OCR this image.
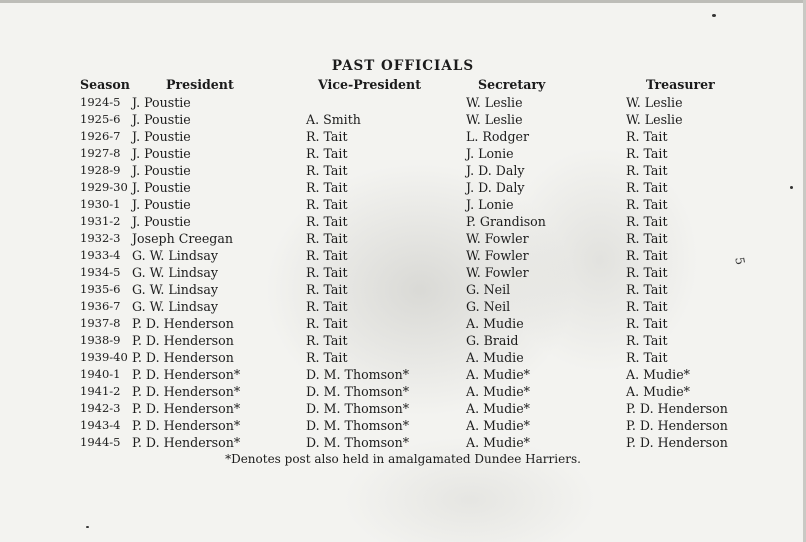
PAST OFFICIALS
Season	President	Vice-President	Secretary	Treasurer
1924-5	J. Poustie		W. Leslie	W. Leslie
1925-6	J. Poustie	A. Smith	W. Leslie	W. Leslie
1926-7	J. Poustie	R. Tait	L. Rodger	R. Tait
1927-8	J. Poustie	R. Tait	J. Lonie	R. Tait
1928-9	J. Poustie	R. Tait	J. D. Daly	R. Tait
1929-30	J. Poustie	R. Tait	J. D. Daly	R. Tait
1930-1	J. Poustie	R. Tait	J. Lonie	R. Tait
1931-2	J. Poustie	R. Tait	P. Grandison	R. Tait
1932-3	Joseph Creegan	R. Tait	W. Fowler	R. Tait
1933-4	G. W. Lindsay	R. Tait	W. Fowler	R. Tait
1934-5	G. W. Lindsay	R. Tait	W. Fowler	R. Tait
1935-6	G. W. Lindsay	R. Tait	G. Neil	R. Tait
1936-7	G. W. Lindsay	R. Tait	G. Neil	R. Tait
1937-8	P. D. Henderson	R. Tait	A. Mudie	R. Tait
1938-9	P. D. Henderson	R. Tait	G. Braid	R. Tait
1939-40	P. D. Henderson	R. Tait	A. Mudie	R. Tait
1940-1	P. D. Henderson*	D. M. Thomson*	A. Mudie*	A. Mudie*
1941-2	P. D. Henderson*	D. M. Thomson*	A. Mudie*	A. Mudie*
1942-3	P. D. Henderson*	D. M. Thomson*	A. Mudie*	P. D. Henderson
1943-4	P. D. Henderson*	D. M. Thomson*	A. Mudie*	P. D. Henderson
1944-5	P. D. Henderson*	D. M. Thomson*	A. Mudie*	P. D. Henderson
*Denotes post also held in amalgamated Dundee Harriers.
5
